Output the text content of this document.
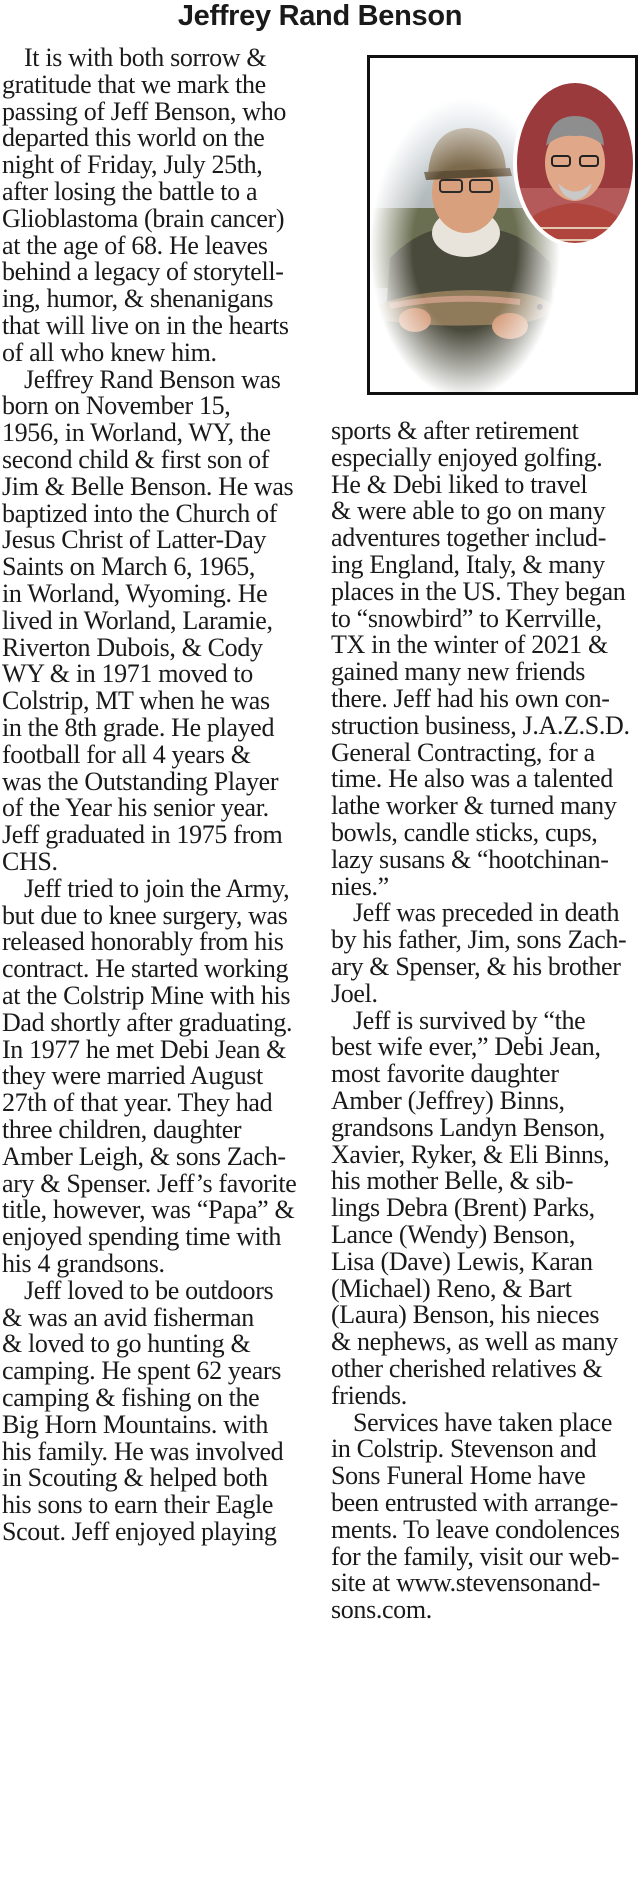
Jeffrey Rand Benson
It is with both sorrow &
gratitude that we mark the
passing of Jeff Benson, who
departed this world on the
night of Friday, July 25th,
after losing the battle to a
Glioblastoma (brain cancer)
at the age of 68. He leaves
behind a legacy of storytell-
ing, humor, & shenanigans
that will live on in the hearts
of all who knew him.
Jeffrey Rand Benson was
born on November 15,
1956, in Worland, WY, the
second child & first son of
Jim & Belle Benson. He was
baptized into the Church of
Jesus Christ of Latter-Day
Saints on March 6, 1965,
in Worland, Wyoming. He
lived in Worland, Laramie,
Riverton Dubois, & Cody
WY & in 1971 moved to
Colstrip, MT when he was
in the 8th grade. He played
football for all 4 years &
was the Outstanding Player
of the Year his senior year.
Jeff graduated in 1975 from
CHS.
Jeff tried to join the Army,
but due to knee surgery, was
released honorably from his
contract. He started working
at the Colstrip Mine with his
Dad shortly after graduating.
In 1977 he met Debi Jean &
they were married August
27th of that year. They had
three children, daughter
Amber Leigh, & sons Zach-
ary & Spenser. Jeff’s favorite
title, however, was “Papa” &
enjoyed spending time with
his 4 grandsons.
Jeff loved to be outdoors
& was an avid fisherman
& loved to go hunting &
camping. He spent 62 years
camping & fishing on the
Big Horn Mountains. with
his family. He was involved
in Scouting & helped both
his sons to earn their Eagle
Scout. Jeff enjoyed playing
sports & after retirement
especially enjoyed golfing.
He & Debi liked to travel
& were able to go on many
adventures together includ-
ing England, Italy, & many
places in the US. They began
to “snowbird” to Kerrville,
TX in the winter of 2021 &
gained many new friends
there. Jeff had his own con-
struction business, J.A.Z.S.D.
General Contracting, for a
time. He also was a talented
lathe worker & turned many
bowls, candle sticks, cups,
lazy susans & “hootchinan-
nies.”
Jeff was preceded in death
by his father, Jim, sons Zach-
ary & Spenser, & his brother
Joel.
Jeff is survived by “the
best wife ever,” Debi Jean,
most favorite daughter
Amber (Jeffrey) Binns,
grandsons Landyn Benson,
Xavier, Ryker, & Eli Binns,
his mother Belle, & sib-
lings Debra (Brent) Parks,
Lance (Wendy) Benson,
Lisa (Dave) Lewis, Karan
(Michael) Reno, & Bart
(Laura) Benson, his nieces
& nephews, as well as many
other cherished relatives &
friends.
Services have taken place
in Colstrip. Stevenson and
Sons Funeral Home have
been entrusted with arrange-
ments. To leave condolences
for the family, visit our web-
site at www.stevensonand-
sons.com.
